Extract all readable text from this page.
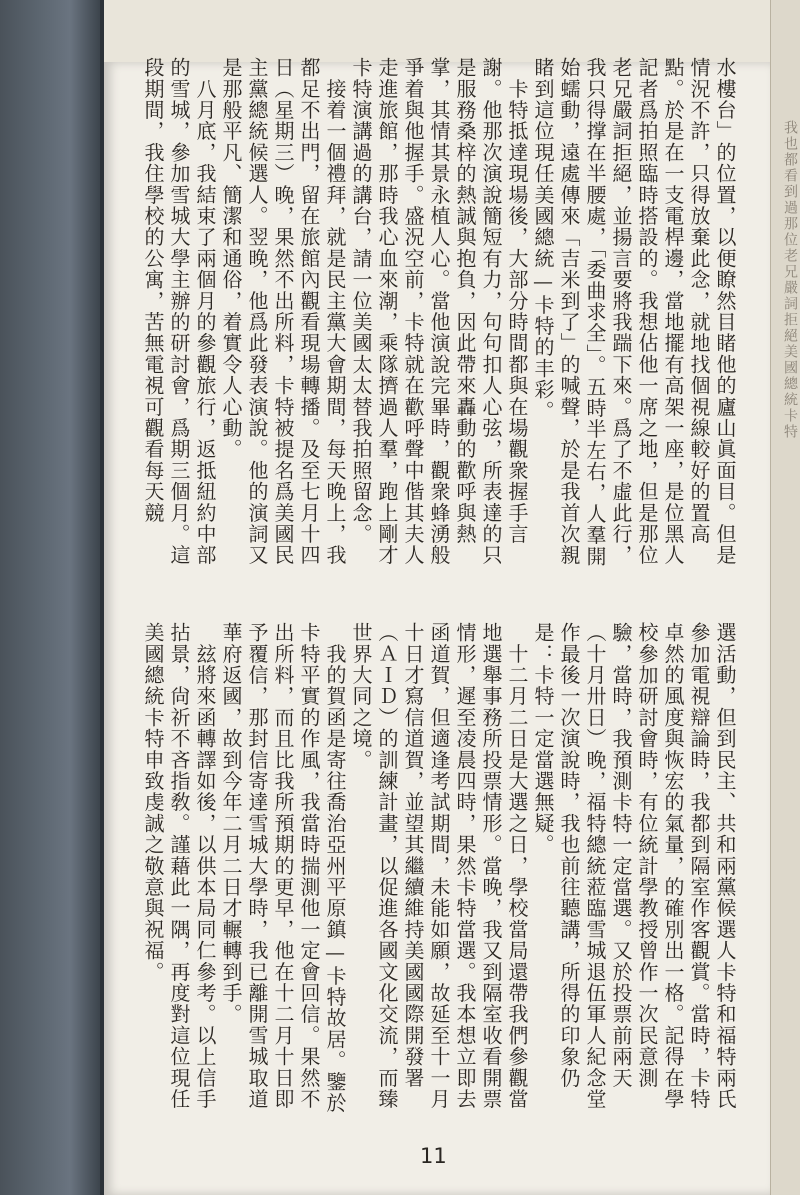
水樓台」的位置，以便瞭然目睹他的廬山眞面目。但是情況不許，只得放棄此念，就地找個視線較好的置高點。於是在一支電桿邊，當地擺有高架一座，是位黑人記者爲拍照臨時搭設的。我想佔他一席之地，但是那位老兄嚴詞拒絕，並揚言要將我踹下來。爲了不虛此行，我只得撑在半腰處，「委曲求全」。五時半左右，人羣開始蠕動，遠處傳來「吉米到了」的喊聲，於是我首次親睹到這位現任美國總統—卡特的丰彩。
　卡特抵達現場後，大部分時間都與在場觀衆握手言謝。他那次演說簡短有力，句句扣人心弦，所表達的只是服務桑梓的熱誠與抱負，因此帶來轟動的歡呼與熱掌，其情其景永植人心。當他演說完畢時，觀衆蜂湧般爭着與他握手。盛況空前，卡特就在歡呼聲中偕其夫人走進旅館，那時我心血來潮，乘隊擠過人羣，跑上剛才卡特演講過的講台，請一位美國太太替我拍照留念。
　接着一個禮拜，就是民主黨大會期間，每天晚上，我都足不出門，留在旅館內觀看現場轉播。及至七月十四日（星期三）晚，果然不出所料，卡特被提名爲美國民主黨總統候選人。翌晚，他爲此發表演說。他的演詞又是那般平凡、簡潔和通俗，着實令人心動。
　八月底，我結束了兩個月的參觀旅行，返抵紐約中部的雪城，參加雪城大學主辦的研討會，爲期三個月。這段期間，我住學校的公寓，苦無電視可觀看每天競
選活動，但到民主、共和兩黨候選人卡特和福特兩氏參加電視辯論時，我都到隔室作客觀賞。當時，卡特卓然的風度與恢宏的氣量，的確別出一格。記得在學校參加研討會時，有位統計學教授曾作一次民意測驗，當時，我預測卡特一定當選。又於投票前兩天（十月卅日）晚，福特總統蒞臨雪城退伍軍人紀念堂作最後一次演說時，我也前往聽講，所得的印象仍是：卡特一定當選無疑。
　十二月二日是大選之日，學校當局還帶我們參觀當地選舉事務所投票情形。當晚，我又到隔室收看開票情形，遲至凌晨四時，果然卡特當選。我本想立即去函道賀，但適逢考試期間，未能如願，故延至十一月十日才寫信道賀，並望其繼續維持美國國際開發署（ＡＩＤ）的訓練計畫，以促進各國文化交流，而臻世界大同之境。
　我的賀函是寄往喬治亞州平原鎮—卡特故居。鑒於卡特平實的作風，我當時揣測他一定會回信。果然不出所料，而且比我所預期的更早，他在十二月十日即予覆信，那封信寄達雪城大學時，我已離開雪城取道華府返國，故到今年二月二日才輾轉到手。
　玆將來函轉譯如後，以供本局同仁參考。以上信手拈景，尙祈不吝指敎。謹藉此一隅，再度對這位現任美國總統卡特申致虔誠之敬意與祝福。
11
我也都看到過那位老兄嚴詞拒絕美國總統卡特
